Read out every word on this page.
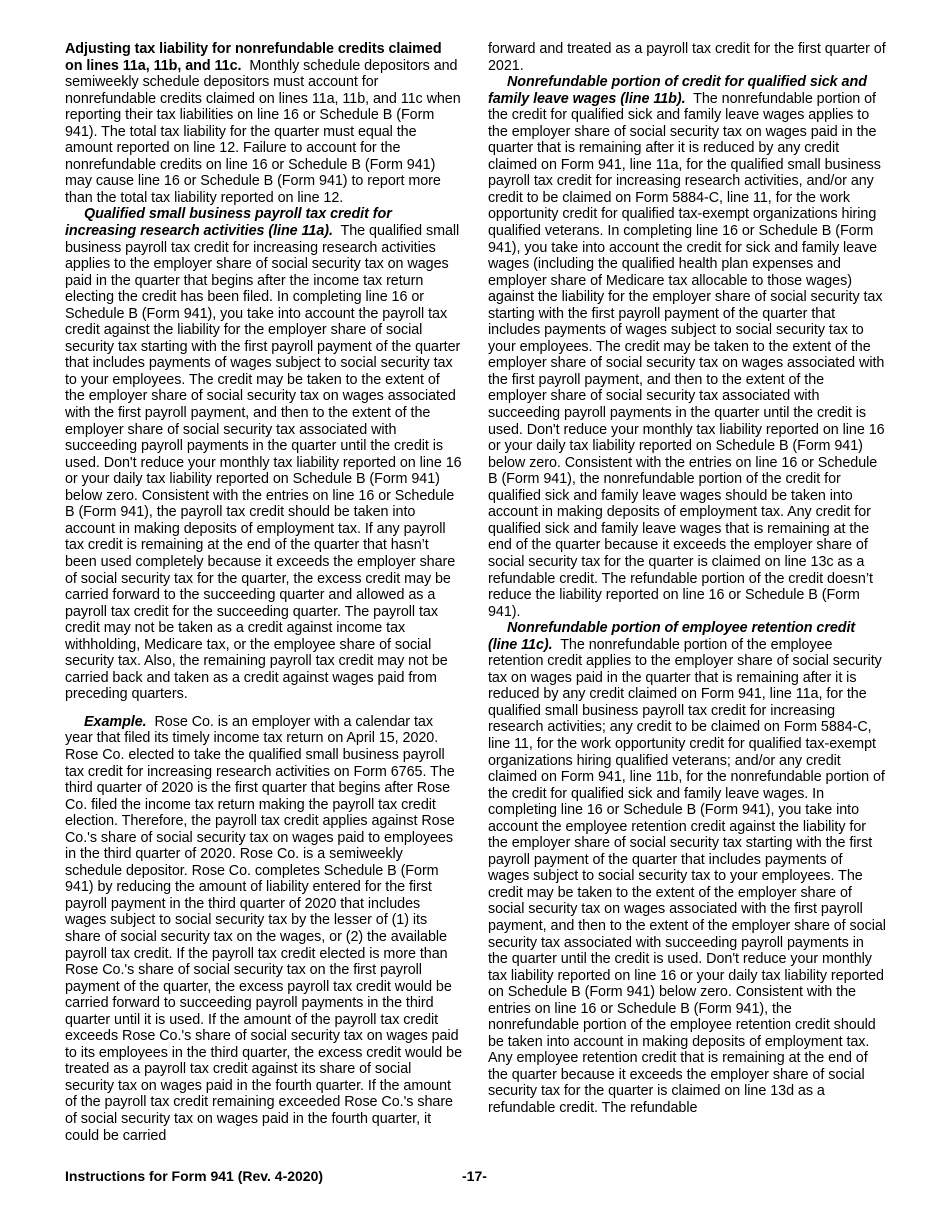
Adjusting tax liability for nonrefundable credits claimed on lines 11a, 11b, and 11c. Monthly schedule depositors and semiweekly schedule depositors must account for nonrefundable credits claimed on lines 11a, 11b, and 11c when reporting their tax liabilities on line 16 or Schedule B (Form 941). The total tax liability for the quarter must equal the amount reported on line 12. Failure to account for the nonrefundable credits on line 16 or Schedule B (Form 941) may cause line 16 or Schedule B (Form 941) to report more than the total tax liability reported on line 12.

Qualified small business payroll tax credit for increasing research activities (line 11a). The qualified small business payroll tax credit for increasing research activities applies to the employer share of social security tax on wages paid in the quarter that begins after the income tax return electing the credit has been filed. In completing line 16 or Schedule B (Form 941), you take into account the payroll tax credit against the liability for the employer share of social security tax starting with the first payroll payment of the quarter that includes payments of wages subject to social security tax to your employees. The credit may be taken to the extent of the employer share of social security tax on wages associated with the first payroll payment, and then to the extent of the employer share of social security tax associated with succeeding payroll payments in the quarter until the credit is used. Don't reduce your monthly tax liability reported on line 16 or your daily tax liability reported on Schedule B (Form 941) below zero. Consistent with the entries on line 16 or Schedule B (Form 941), the payroll tax credit should be taken into account in making deposits of employment tax. If any payroll tax credit is remaining at the end of the quarter that hasn’t been used completely because it exceeds the employer share of social security tax for the quarter, the excess credit may be carried forward to the succeeding quarter and allowed as a payroll tax credit for the succeeding quarter. The payroll tax credit may not be taken as a credit against income tax withholding, Medicare tax, or the employee share of social security tax. Also, the remaining payroll tax credit may not be carried back and taken as a credit against wages paid from preceding quarters.

Example. Rose Co. is an employer with a calendar tax year that filed its timely income tax return on April 15, 2020. Rose Co. elected to take the qualified small business payroll tax credit for increasing research activities on Form 6765. The third quarter of 2020 is the first quarter that begins after Rose Co. filed the income tax return making the payroll tax credit election. Therefore, the payroll tax credit applies against Rose Co.'s share of social security tax on wages paid to employees in the third quarter of 2020. Rose Co. is a semiweekly schedule depositor. Rose Co. completes Schedule B (Form 941) by reducing the amount of liability entered for the first payroll payment in the third quarter of 2020 that includes wages subject to social security tax by the lesser of (1) its share of social security tax on the wages, or (2) the available payroll tax credit. If the payroll tax credit elected is more than Rose Co.'s share of social security tax on the first payroll payment of the quarter, the excess payroll tax credit would be carried forward to succeeding payroll payments in the third quarter until it is used. If the amount of the payroll tax credit exceeds Rose Co.'s share of social security tax on wages paid to its employees in the third quarter, the excess credit would be treated as a payroll tax credit against its share of social security tax on wages paid in the fourth quarter. If the amount of the payroll tax credit remaining exceeded Rose Co.'s share of social security tax on wages paid in the fourth quarter, it could be carried

forward and treated as a payroll tax credit for the first quarter of 2021.

Nonrefundable portion of credit for qualified sick and family leave wages (line 11b). The nonrefundable portion of the credit for qualified sick and family leave wages applies to the employer share of social security tax on wages paid in the quarter that is remaining after it is reduced by any credit claimed on Form 941, line 11a, for the qualified small business payroll tax credit for increasing research activities, and/or any credit to be claimed on Form 5884-C, line 11, for the work opportunity credit for qualified tax-exempt organizations hiring qualified veterans. In completing line 16 or Schedule B (Form 941), you take into account the credit for sick and family leave wages (including the qualified health plan expenses and employer share of Medicare tax allocable to those wages) against the liability for the employer share of social security tax starting with the first payroll payment of the quarter that includes payments of wages subject to social security tax to your employees. The credit may be taken to the extent of the employer share of social security tax on wages associated with the first payroll payment, and then to the extent of the employer share of social security tax associated with succeeding payroll payments in the quarter until the credit is used. Don't reduce your monthly tax liability reported on line 16 or your daily tax liability reported on Schedule B (Form 941) below zero. Consistent with the entries on line 16 or Schedule B (Form 941), the nonrefundable portion of the credit for qualified sick and family leave wages should be taken into account in making deposits of employment tax. Any credit for qualified sick and family leave wages that is remaining at the end of the quarter because it exceeds the employer share of social security tax for the quarter is claimed on line 13c as a refundable credit. The refundable portion of the credit doesn’t reduce the liability reported on line 16 or Schedule B (Form 941).

Nonrefundable portion of employee retention credit (line 11c). The nonrefundable portion of the employee retention credit applies to the employer share of social security tax on wages paid in the quarter that is remaining after it is reduced by any credit claimed on Form 941, line 11a, for the qualified small business payroll tax credit for increasing research activities; any credit to be claimed on Form 5884-C, line 11, for the work opportunity credit for qualified tax-exempt organizations hiring qualified veterans; and/or any credit claimed on Form 941, line 11b, for the nonrefundable portion of the credit for qualified sick and family leave wages. In completing line 16 or Schedule B (Form 941), you take into account the employee retention credit against the liability for the employer share of social security tax starting with the first payroll payment of the quarter that includes payments of wages subject to social security tax to your employees. The credit may be taken to the extent of the employer share of social security tax on wages associated with the first payroll payment, and then to the extent of the employer share of social security tax associated with succeeding payroll payments in the quarter until the credit is used. Don't reduce your monthly tax liability reported on line 16 or your daily tax liability reported on Schedule B (Form 941) below zero. Consistent with the entries on line 16 or Schedule B (Form 941), the nonrefundable portion of the employee retention credit should be taken into account in making deposits of employment tax. Any employee retention credit that is remaining at the end of the quarter because it exceeds the employer share of social security tax for the quarter is claimed on line 13d as a refundable credit. The refundable

Instructions for Form 941 (Rev. 4-2020)	-17-
